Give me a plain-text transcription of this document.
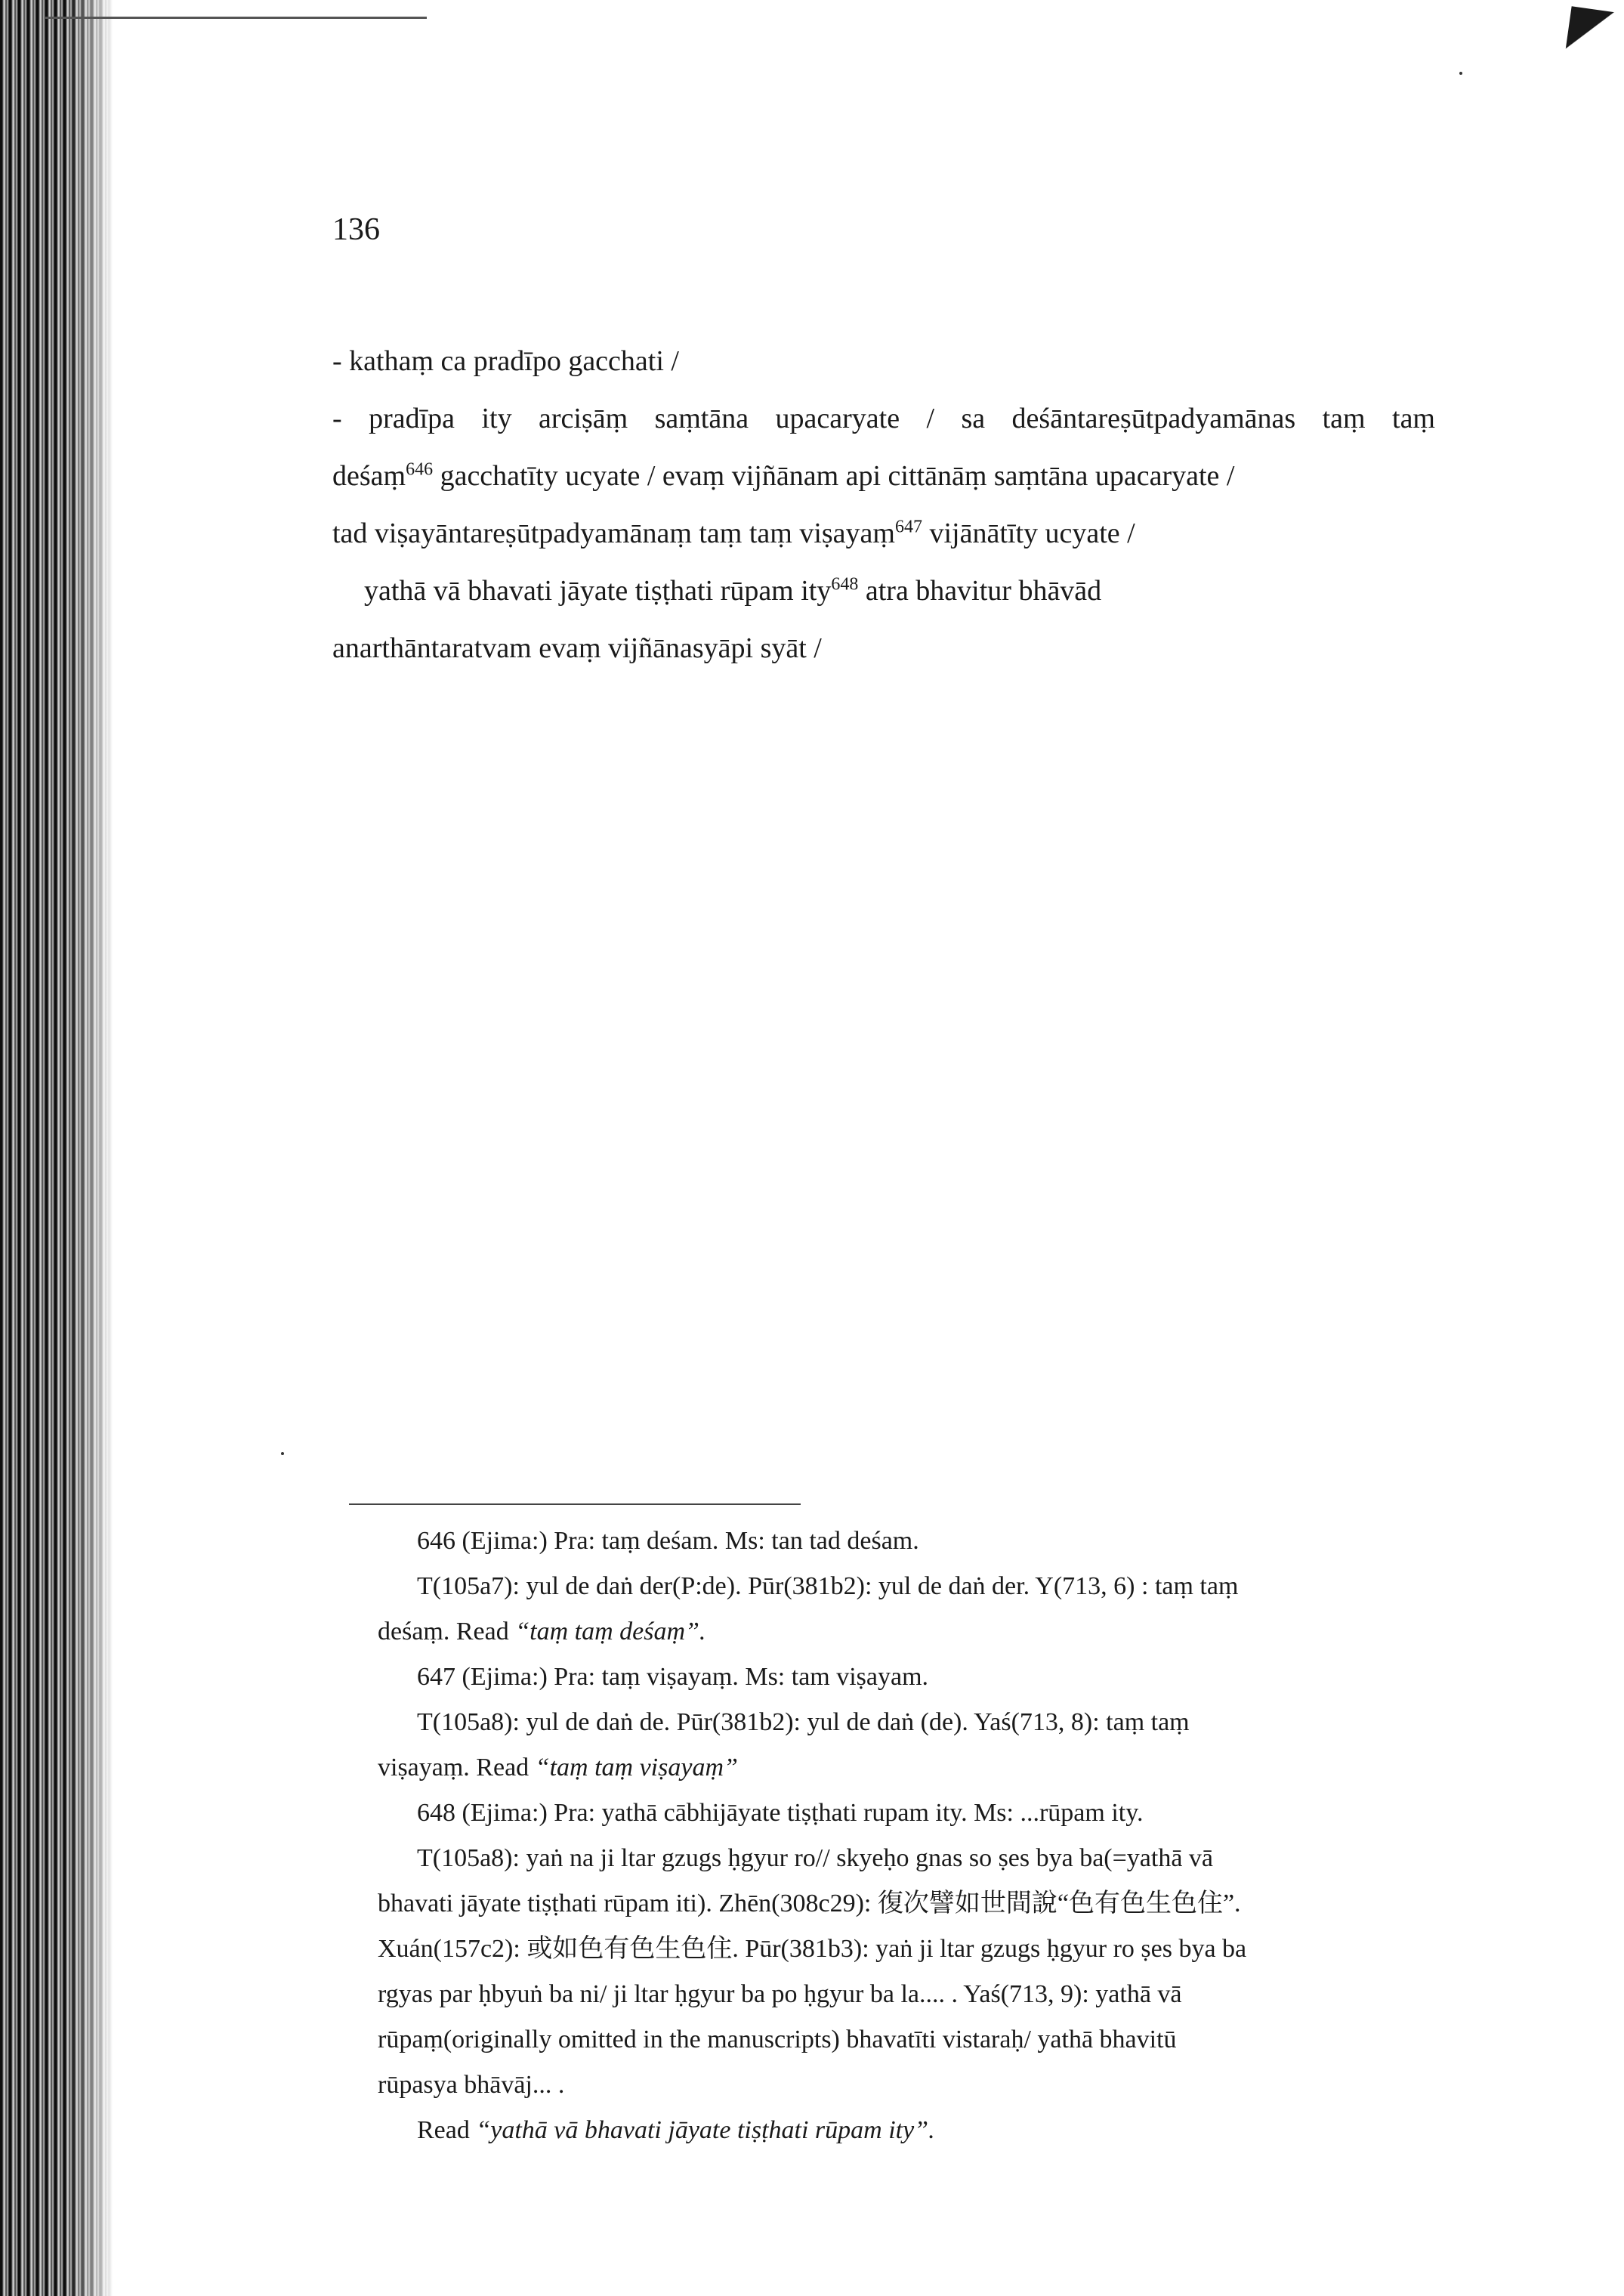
136
- kathaṃ ca pradīpo gacchati /
- pradīpa ity arciṣāṃ saṃtāna upacaryate / sa deśāntareṣūtpadyamānas taṃ taṃ
deśaṃ$^{646}$ gacchatīty ucyate / evaṃ vijñānam api cittānāṃ saṃtāna upacaryate /
tad viṣayāntareṣūtpadyamānaṃ taṃ taṃ viṣayaṃ$^{647}$ vijānātīty ucyate /
yathā vā bhavati jāyate tiṣṭhati rūpam ity$^{648}$ atra bhavitur bhāvād
anarthāntaratvam evaṃ vijñānasyāpi syāt /
646 (Ejima:) Pra: taṃ deśam. Ms: tan tad deśam.
T(105a7): yul de daṅ der(P:de). Pūr(381b2): yul de daṅ der. Y(713, 6) : taṃ taṃ
deśaṃ. Read “taṃ taṃ deśaṃ”.
647 (Ejima:) Pra: taṃ viṣayaṃ. Ms: tam viṣayam.
T(105a8): yul de daṅ de. Pūr(381b2): yul de daṅ (de). Yaś(713, 8): taṃ taṃ
viṣayaṃ. Read “taṃ taṃ viṣayaṃ”
648 (Ejima:) Pra: yathā cābhijāyate tiṣṭhati rupam ity. Ms: ...rūpam ity.
T(105a8): yaṅ na ji ltar gzugs ḥgyur ro// skyeḥo gnas so ṣes bya ba(=yathā vā
bhavati jāyate tiṣṭhati rūpam iti). Zhēn(308c29): 復次譬如世間說“色有色生色住”.
Xuán(157c2): 或如色有色生色住. Pūr(381b3): yaṅ ji ltar gzugs ḥgyur ro ṣes bya ba
rgyas par ḥbyuṅ ba ni/ ji ltar ḥgyur ba po ḥgyur ba la.... . Yaś(713, 9): yathā vā
rūpaṃ(originally omitted in the manuscripts) bhavatīti vistaraḥ/ yathā bhavitū
rūpasya bhāvāj... .
Read “yathā vā bhavati jāyate tiṣṭhati rūpam ity”.
